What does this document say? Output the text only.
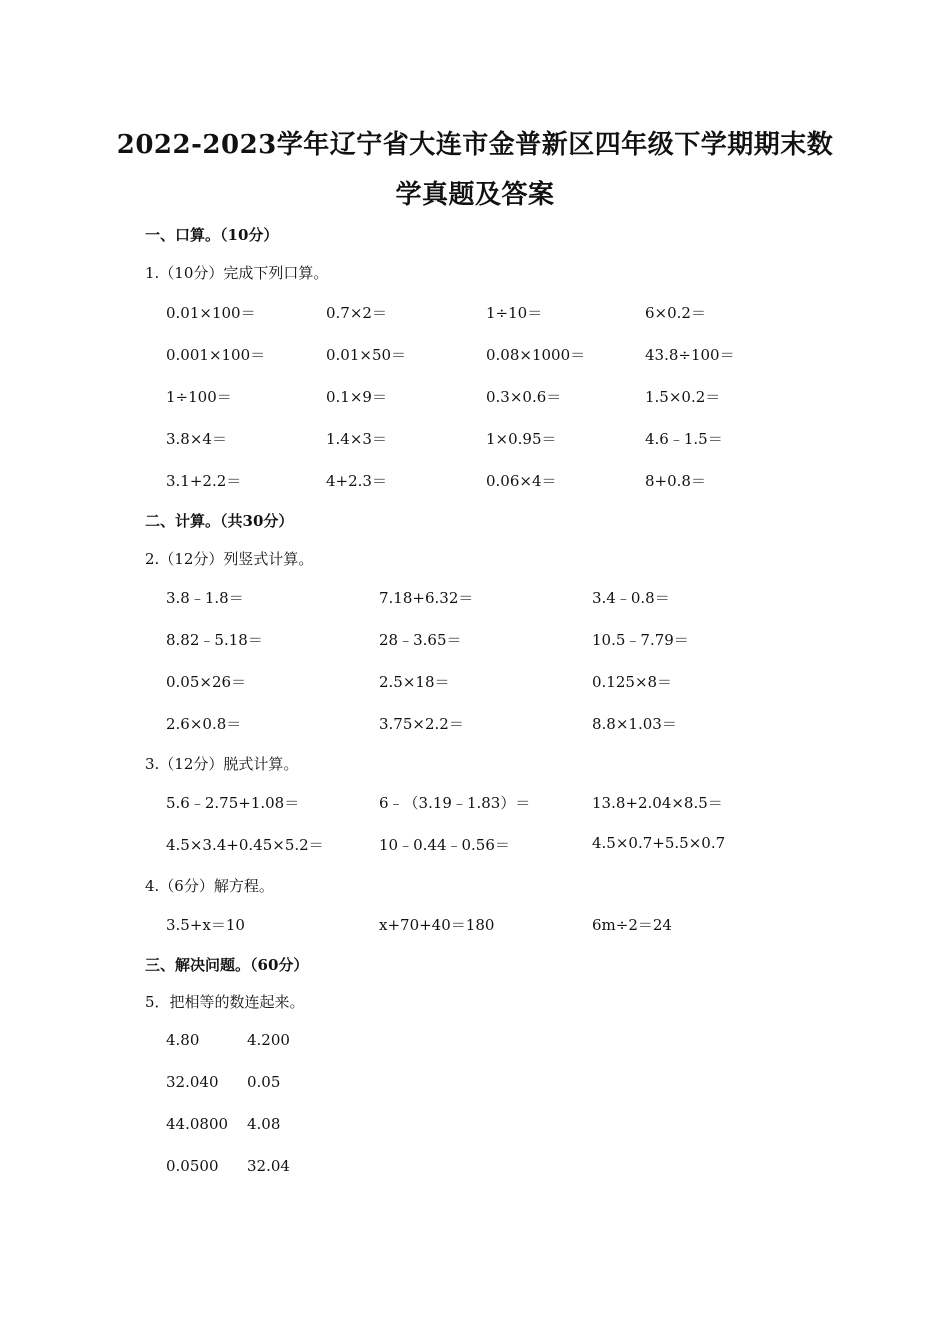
2022-2023学年辽宁省大连市金普新区四年级下学期期末数
学真题及答案
一、口算。（10分）
1.（10分）完成下列口算。
0.01×100＝	0.7×2＝	1÷10＝	6×0.2＝
0.001×100＝	0.01×50＝	0.08×1000＝	43.8÷100＝
1÷100＝	0.1×9＝	0.3×0.6＝	1.5×0.2＝
3.8×4＝	1.4×3＝	1×0.95＝	4.6﹣1.5＝
3.1+2.2＝	4+2.3＝	0.06×4＝	8+0.8＝
二、计算。（共30分）
2.（12分）列竖式计算。
3.8﹣1.8＝	7.18+6.32＝	3.4﹣0.8＝
8.82﹣5.18＝	28﹣3.65＝	10.5﹣7.79＝
0.05×26＝	2.5×18＝	0.125×8＝
2.6×0.8＝	3.75×2.2＝	8.8×1.03＝
3.（12分）脱式计算。
5.6﹣2.75+1.08＝	6﹣（3.19﹣1.83）＝	13.8+2.04×8.5＝
4.5×3.4+0.45×5.2＝	10﹣0.44﹣0.56＝	4.5×0.7+5.5×0.7
4.（6分）解方程。
3.5+x＝10	x+70+40＝180	6m÷2＝24
三、解决问题。（60分）
5．把相等的数连起来。
4.80	4.200
32.040 0.05
44.0800 4.08
0.0500 32.04
